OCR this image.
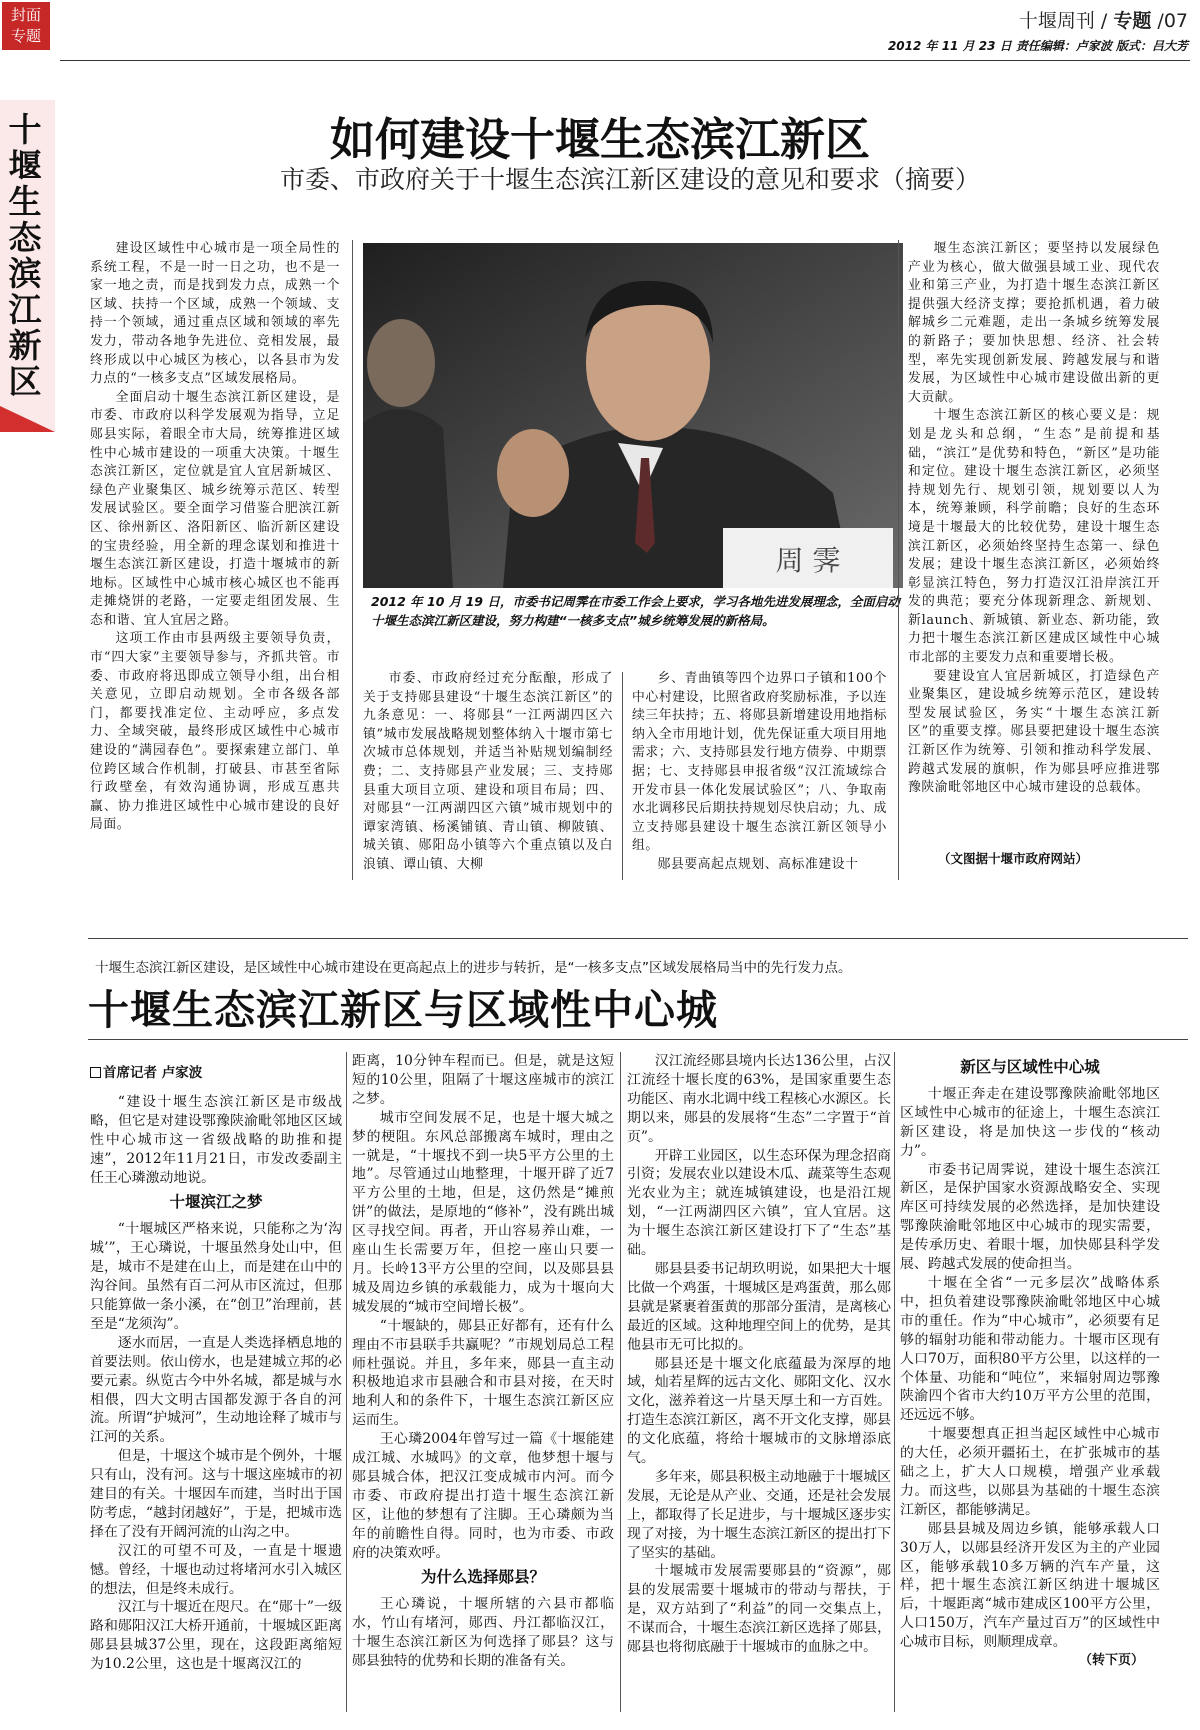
封面
专题
十堰周刊 / 专题 /07
2012 年 11 月 23 日 责任编辑：卢家波 版式：吕大芳
十堰生态滨江新区
如何建设十堰生态滨江新区
市委、市政府关于十堰生态滨江新区建设的意见和要求（摘要）

建设区域性中心城市是一项全局性的系统工程，不是一时一日之功，也不是一家一地之责，而是找到发力点，成熟一个区域、扶持一个区域，成熟一个领域、支持一个领域，通过重点区域和领域的率先发力，带动各地争先进位、竞相发展，最终形成以中心城区为核心，以各县市为发力点的“一核多支点”区域发展格局。

全面启动十堰生态滨江新区建设，是市委、市政府以科学发展观为指导，立足郧县实际，着眼全市大局，统筹推进区域性中心城市建设的一项重大决策。十堰生态滨江新区，定位就是宜人宜居新城区、绿色产业聚集区、城乡统筹示范区、转型发展试验区。要全面学习借鉴合肥滨江新区、徐州新区、洛阳新区、临沂新区建设的宝贵经验，用全新的理念谋划和推进十堰生态滨江新区建设，打造十堰城市的新地标。区域性中心城市核心城区也不能再走摊烧饼的老路，一定要走组团发展、生态和谐、宜人宜居之路。

这项工作由市县两级主要领导负责，市“四大家”主要领导参与，齐抓共管。市委、市政府将迅即成立领导小组，出台相关意见，立即启动规划。全市各级各部门，都要找准定位、主动呼应，多点发力、全域突破，最终形成区域性中心城市建设的“满园春色”。要探索建立部门、单位跨区域合作机制，打破县、市甚至省际行政壁垒，有效沟通协调，形成互惠共赢、协力推进区域性中心城市建设的良好局面。

周 霁
2012 年 10 月 19 日，市委书记周霁在市委工作会上要求，学习各地先进发展理念，全面启动十堰生态滨江新区建设，努力构建“一核多支点”城乡统筹发展的新格局。

市委、市政府经过充分酝酿，形成了关于支持郧县建设“十堰生态滨江新区”的九条意见：一、将郧县“一江两湖四区六镇”城市发展战略规划整体纳入十堰市第七次城市总体规划，并适当补贴规划编制经费；二、支持郧县产业发展；三、支持郧县重大项目立项、建设和项目布局；四、对郧县“一江两湖四区六镇”城市规划中的谭家湾镇、杨溪铺镇、青山镇、柳陂镇、城关镇、郧阳岛小镇等六个重点镇以及白浪镇、谭山镇、大柳

乡、青曲镇等四个边界口子镇和100个中心村建设，比照省政府奖励标准，予以连续三年扶持；五、将郧县新增建设用地指标纳入全市用地计划，优先保证重大项目用地需求；六、支持郧县发行地方债券、中期票据；七、支持郧县申报省级“汉江流域综合开发市县一体化发展试验区”；八、争取南水北调移民后期扶持规划尽快启动；九、成立支持郧县建设十堰生态滨江新区领导小组。

郧县要高起点规划、高标准建设十

堰生态滨江新区；要坚持以发展绿色产业为核心，做大做强县域工业、现代农业和第三产业，为打造十堰生态滨江新区提供强大经济支撑；要抢抓机遇，着力破解城乡二元难题，走出一条城乡统筹发展的新路子；要加快思想、经济、社会转型，率先实现创新发展、跨越发展与和谐发展，为区域性中心城市建设做出新的更大贡献。

十堰生态滨江新区的核心要义是：规划是龙头和总纲，“生态”是前提和基础，“滨江”是优势和特色，“新区”是功能和定位。建设十堰生态滨江新区，必须坚持规划先行、规划引领，规划要以人为本，统筹兼顾，科学前瞻；良好的生态环境是十堰最大的比较优势，建设十堰生态滨江新区，必须始终坚持生态第一、绿色发展；建设十堰生态滨江新区，必须始终彰显滨江特色，努力打造汉江沿岸滨江开发的典范；要充分体现新理念、新规划、新launch、新城镇、新业态、新功能，致力把十堰生态滨江新区建成区域性中心城市北部的主要发力点和重要增长极。

要建设宜人宜居新城区，打造绿色产业聚集区，建设城乡统筹示范区，建设转型发展试验区，务实“十堰生态滨江新区”的重要支撑。郧县要把建设十堰生态滨江新区作为统筹、引领和推动科学发展、跨越式发展的旗帜，作为郧县呼应推进鄂豫陕渝毗邻地区中心城市建设的总载体。

（文图据十堰市政府网站）
十堰生态滨江新区建设，是区域性中心城市建设在更高起点上的进步与转折，是“一核多支点”区域发展格局当中的先行发力点。
十堰生态滨江新区与区域性中心城
首席记者 卢家波

“建设十堰生态滨江新区是市级战略，但它是对建设鄂豫陕渝毗邻地区区域性中心城市这一省级战略的助推和提速”，2012年11月21日，市发改委副主任王心璘激动地说。

十堰滨江之梦

“十堰城区严格来说，只能称之为‘沟城’”，王心璘说，十堰虽然身处山中，但是，城市不是建在山上，而是建在山中的沟谷间。虽然有百二河从市区流过，但那只能算做一条小溪，在“创卫”治理前，甚至是“龙须沟”。

逐水而居，一直是人类选择栖息地的首要法则。依山傍水，也是建城立邦的必要元素。纵览古今中外名城，都是城与水相偎，四大文明古国都发源于各自的河流。所谓“护城河”，生动地诠释了城市与江河的关系。

但是，十堰这个城市是个例外，十堰只有山，没有河。这与十堰这座城市的初建目的有关。十堰因车而建，当时出于国防考虑，“越封闭越好”，于是，把城市选择在了没有开阔河流的山沟之中。

汉江的可望不可及，一直是十堰遗憾。曾经，十堰也动过将堵河水引入城区的想法，但是终未成行。

汉江与十堰近在咫尺。在“郧十”一级路和郧阳汉江大桥开通前，十堰城区距离郧县县城37公里，现在，这段距离缩短为10.2公里，这也是十堰离汉江的

距离，10分钟车程而已。但是，就是这短短的10公里，阻隔了十堰这座城市的滨江之梦。

城市空间发展不足，也是十堰大城之梦的梗阻。东风总部搬离车城时，理由之一就是，“十堰找不到一块5平方公里的土地”。尽管通过山地整理，十堰开辟了近7平方公里的土地，但是，这仍然是“摊煎饼”的做法，是原地的“修补”，没有跳出城区寻找空间。再者，开山容易养山难，一座山生长需要万年，但挖一座山只要一月。长岭13平方公里的空间，以及郧县县城及周边乡镇的承载能力，成为十堰向大城发展的“城市空间增长极”。

“十堰缺的，郧县正好都有，还有什么理由不市县联手共赢呢？”市规划局总工程师杜强说。并且，多年来，郧县一直主动积极地追求市县融合和市县对接，在天时地利人和的条件下，十堰生态滨江新区应运而生。

王心璘2004年曾写过一篇《十堰能建成江城、水城吗》的文章，他梦想十堰与郧县城合体，把汉江变成城市内河。而今市委、市政府提出打造十堰生态滨江新区，让他的梦想有了注脚。王心璘颇为当年的前瞻性自得。同时，也为市委、市政府的决策欢呼。

为什么选择郧县？

王心璘说，十堰所辖的六县市都临水，竹山有堵河，郧西、丹江都临汉江，十堰生态滨江新区为何选择了郧县？这与郧县独特的优势和长期的准备有关。

汉江流经郧县境内长达136公里，占汉江流经十堰长度的63%，是国家重要生态功能区、南水北调中线工程核心水源区。长期以来，郧县的发展将“生态”二字置于“首页”。

开辟工业园区，以生态环保为理念招商引资；发展农业以建设木瓜、蔬菜等生态观光农业为主；就连城镇建设，也是沿江规划，“一江两湖四区六镇”，宜人宜居。这为十堰生态滨江新区建设打下了“生态”基础。

郧县县委书记胡玖明说，如果把大十堰比做一个鸡蛋，十堰城区是鸡蛋黄，那么郧县就是紧裹着蛋黄的那部分蛋清，是离核心最近的区域。这种地理空间上的优势，是其他县市无可比拟的。

郧县还是十堰文化底蕴最为深厚的地域，灿若星辉的远古文化、郧阳文化、汉水文化，滋养着这一片垦天厚土和一方百姓。打造生态滨江新区，离不开文化支撑，郧县的文化底蕴，将给十堰城市的文脉增添底气。

多年来，郧县积极主动地融于十堰城区发展，无论是从产业、交通，还是社会发展上，都取得了长足进步，与十堰城区逐步实现了对接，为十堰生态滨江新区的提出打下了坚实的基础。

十堰城市发展需要郧县的“资源”，郧县的发展需要十堰城市的带动与帮扶，于是，双方站到了“利益”的同一交集点上，不谋而合，十堰生态滨江新区选择了郧县，郧县也将彻底融于十堰城市的血脉之中。

新区与区域性中心城

十堰正奔走在建设鄂豫陕渝毗邻地区区域性中心城市的征途上，十堰生态滨江新区建设，将是加快这一步伐的“核动力”。

市委书记周霁说，建设十堰生态滨江新区，是保护国家水资源战略安全、实现库区可持续发展的必然选择，是加快建设鄂豫陕渝毗邻地区中心城市的现实需要，是传承历史、着眼十堰，加快郧县科学发展、跨越式发展的使命担当。

十堰在全省“一元多层次”战略体系中，担负着建设鄂豫陕渝毗邻地区中心城市的重任。作为“中心城市”，必须要有足够的辐射功能和带动能力。十堰市区现有人口70万，面积80平方公里，以这样的一个体量、功能和“吨位”，来辐射周边鄂豫陕渝四个省市大约10万平方公里的范围，还远远不够。

十堰要想真正担当起区域性中心城市的大任，必须开疆拓土，在扩张城市的基础之上，扩大人口规模，增强产业承载力。而这些，以郧县为基础的十堰生态滨江新区，都能够满足。

郧县县城及周边乡镇，能够承载人口30万人，以郧县经济开发区为主的产业园区，能够承载10多万辆的汽车产量，这样，把十堰生态滨江新区纳进十堰城区后，十堰距离“城市建成区100平方公里，人口150万，汽车产量过百万”的区域性中心城市目标，则顺理成章。

（转下页）
